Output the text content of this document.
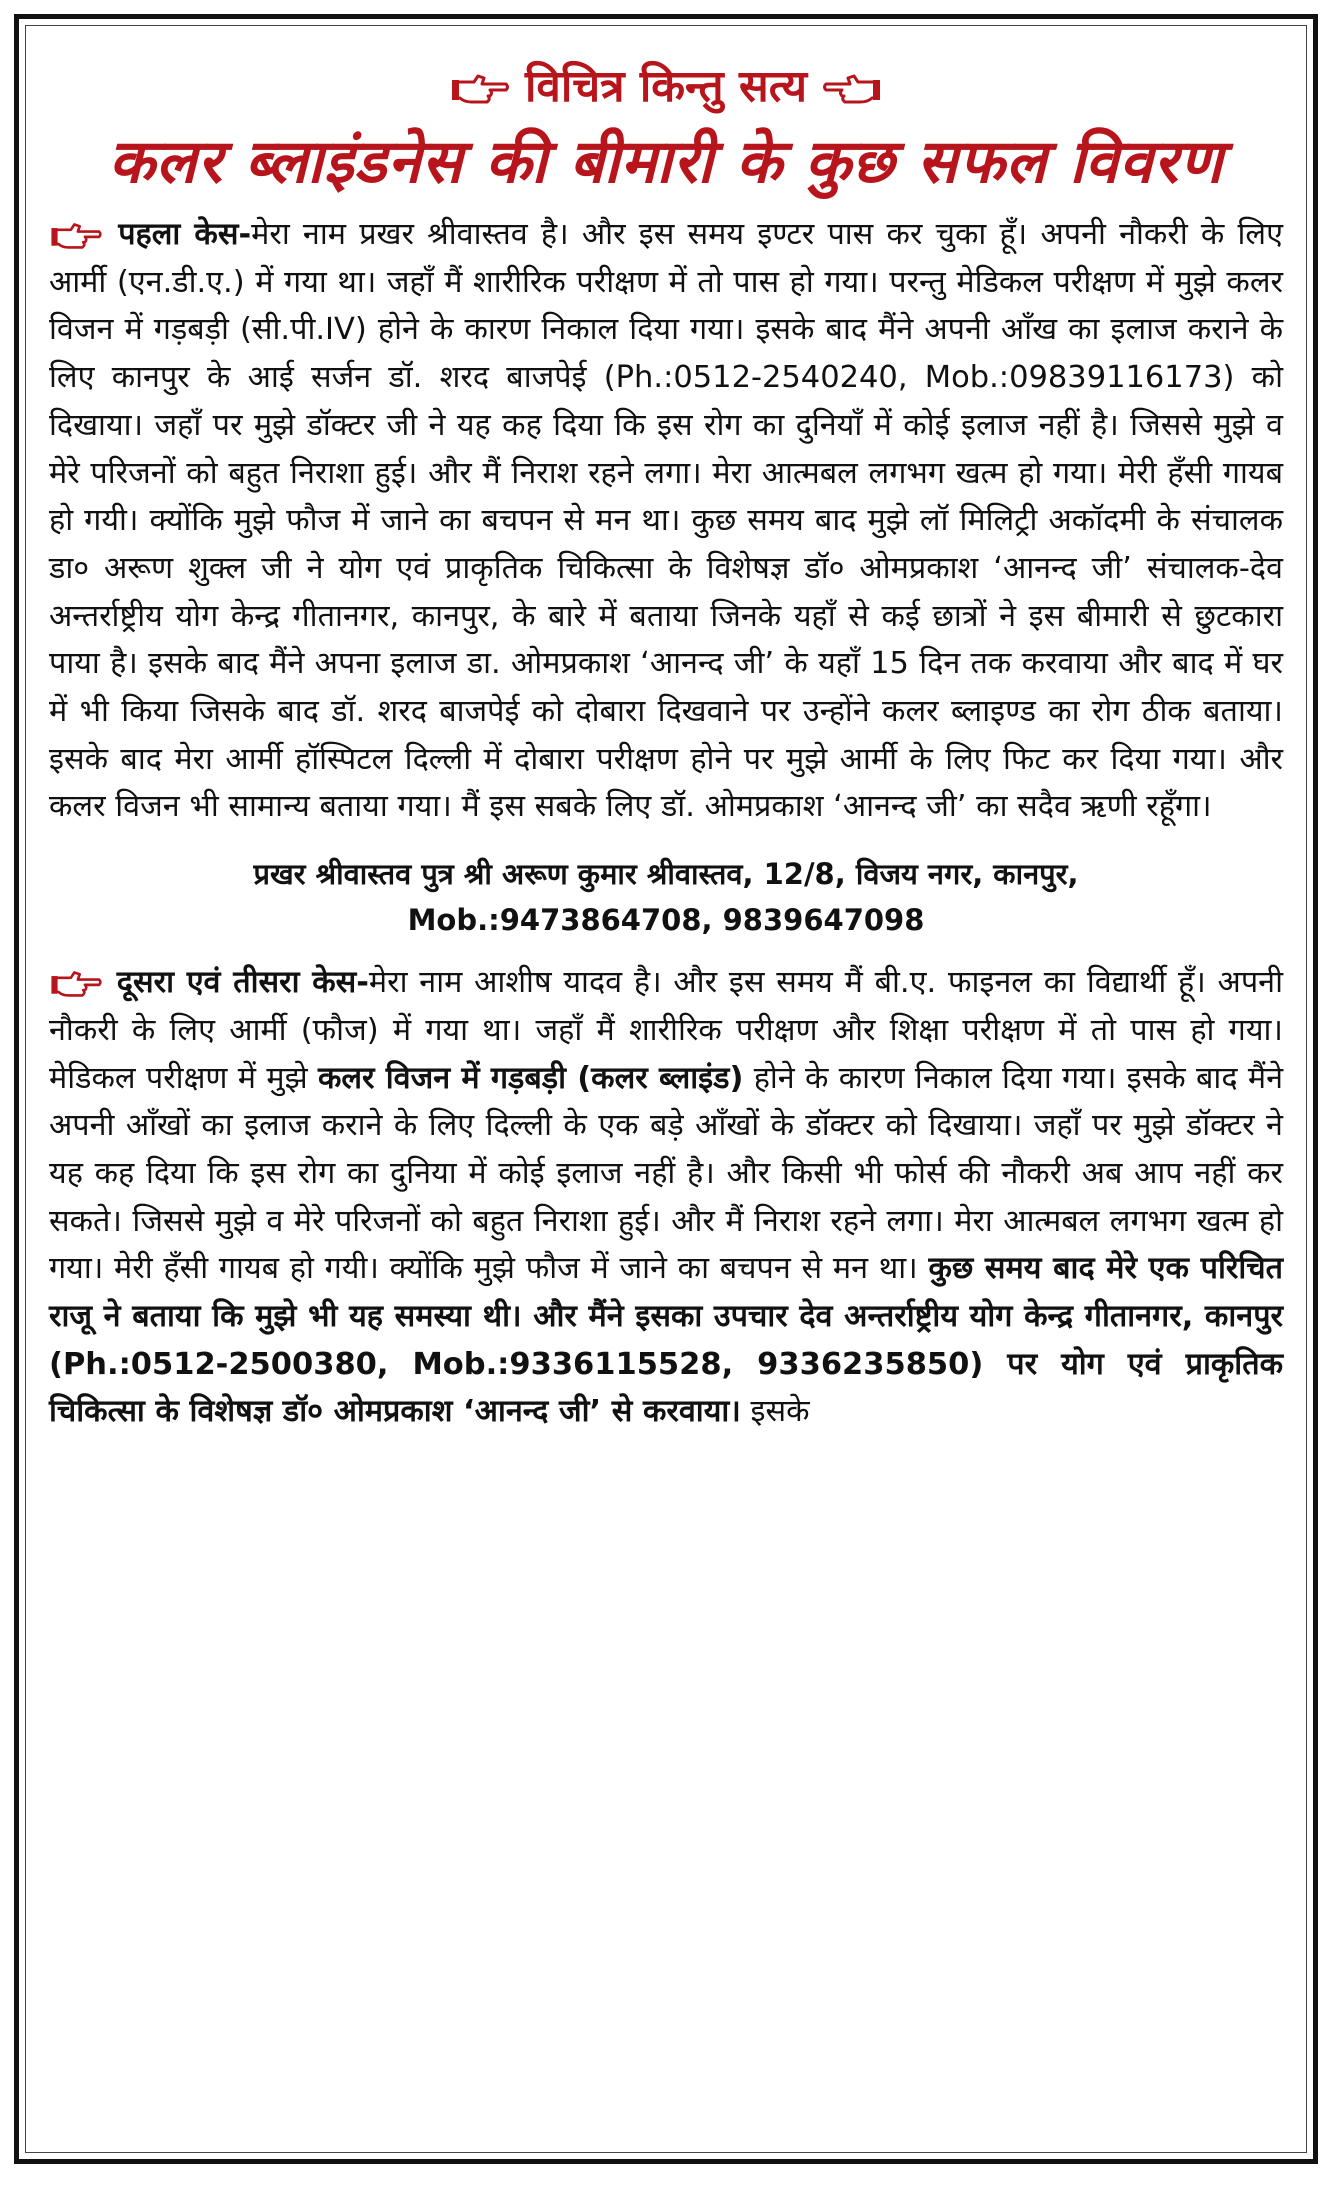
विचित्र किन्तु सत्य
कलर ब्लाइंडनेस की बीमारी के कुछ सफल विवरण

पहला केस-मेरा नाम प्रखर श्रीवास्तव है। और इस समय इण्टर पास कर चुका हूँ। अपनी नौकरी के लिए आर्मी (एन.डी.ए.) में गया था। जहाँ मैं शारीरिक परीक्षण में तो पास हो गया। परन्तु मेडिकल परीक्षण में मुझे कलर विजन में गड़बड़ी (सी.पी.IV) होने के कारण निकाल दिया गया। इसके बाद मैंने अपनी आँख का इलाज कराने के लिए कानपुर के आई सर्जन डॉ. शरद बाजपेई (Ph.:0512-2540240, Mob.:09839116173) को दिखाया। जहाँ पर मुझे डॉक्टर जी ने यह कह दिया कि इस रोग का दुनियाँ में कोई इलाज नहीं है। जिससे मुझे व मेरे परिजनों को बहुत निराशा हुई। और मैं निराश रहने लगा। मेरा आत्मबल लगभग खत्म हो गया। मेरी हँसी गायब हो गयी। क्योंकि मुझे फौज में जाने का बचपन से मन था। कुछ समय बाद मुझे लॉ मिलिट्री अकॉदमी के संचालक डा० अरूण शुक्ल जी ने योग एवं प्राकृतिक चिकित्सा के विशेषज्ञ डॉ० ओमप्रकाश ‘आनन्द जी’ संचालक-देव अन्तर्राष्ट्रीय योग केन्द्र गीतानगर, कानपुर, के बारे में बताया जिनके यहाँ से कई छात्रों ने इस बीमारी से छुटकारा पाया है। इसके बाद मैंने अपना इलाज डा. ओमप्रकाश ‘आनन्द जी’ के यहाँ 15 दिन तक करवाया और बाद में घर में भी किया जिसके बाद डॉ. शरद बाजपेई को दोबारा दिखवाने पर उन्होंने कलर ब्लाइण्ड का रोग ठीक बताया। इसके बाद मेरा आर्मी हॉस्पिटल दिल्ली में दोबारा परीक्षण होने पर मुझे आर्मी के लिए फिट कर दिया गया। और कलर विजन भी सामान्य बताया गया। मैं इस सबके लिए डॉ. ओमप्रकाश ‘आनन्द जी’ का सदैव ऋणी रहूँगा।

प्रखर श्रीवास्तव पुत्र श्री अरूण कुमार श्रीवास्तव, 12/8, विजय नगर, कानपुर,
Mob.:9473864708, 9839647098

दूसरा एवं तीसरा केस-मेरा नाम आशीष यादव है। और इस समय मैं बी.ए. फाइनल का विद्यार्थी हूँ। अपनी नौकरी के लिए आर्मी (फौज) में गया था। जहाँ मैं शारीरिक परीक्षण और शिक्षा परीक्षण में तो पास हो गया। मेडिकल परीक्षण में मुझे कलर विजन में गड़बड़ी (कलर ब्लाइंड) होने के कारण निकाल दिया गया। इसके बाद मैंने अपनी आँखों का इलाज कराने के लिए दिल्ली के एक बड़े आँखों के डॉक्टर को दिखाया। जहाँ पर मुझे डॉक्टर ने यह कह दिया कि इस रोग का दुनिया में कोई इलाज नहीं है। और किसी भी फोर्स की नौकरी अब आप नहीं कर सकते। जिससे मुझे व मेरे परिजनों को बहुत निराशा हुई। और मैं निराश रहने लगा। मेरा आत्मबल लगभग खत्म हो गया। मेरी हँसी गायब हो गयी। क्योंकि मुझे फौज में जाने का बचपन से मन था। कुछ समय बाद मेरे एक परिचित राजू ने बताया कि मुझे भी यह समस्या थी। और मैंने इसका उपचार देव अन्तर्राष्ट्रीय योग केन्द्र गीतानगर, कानपुर (Ph.:0512-2500380, Mob.:9336115528, 9336235850) पर योग एवं प्राकृतिक चिकित्सा के विशेषज्ञ डॉ० ओमप्रकाश ‘आनन्द जी’ से करवाया। इसके
